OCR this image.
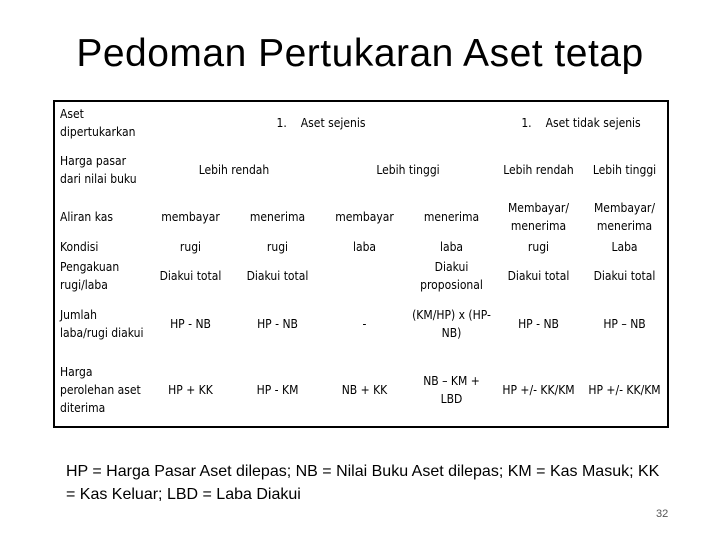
Pedoman Pertukaran Aset tetap
Aset dipertukarkan	1. Aset sejenis				1. Aset tidak sejenis	
Harga pasar dari nilai buku	Lebih rendah		Lebih tinggi		Lebih rendah	Lebih tinggi
Aliran kas	membayar	menerima	membayar	menerima	Membayar/ menerima	Membayar/ menerima
Kondisi	rugi	rugi	laba	laba	rugi	Laba
Pengakuan rugi/laba	Diakui total	Diakui total		Diakui proposional	Diakui total	Diakui total
Jumlah laba/rugi diakui	HP - NB	HP - NB	-	(KM/HP) x (HP-NB)	HP - NB	HP – NB
Harga perolehan aset diterima	HP + KK	HP - KM	NB + KK	NB – KM + LBD	HP +/- KK/KM	HP +/- KK/KM
HP = Harga Pasar Aset dilepas; NB = Nilai Buku Aset dilepas; KM = Kas Masuk; KK = Kas Keluar; LBD = Laba Diakui
32
